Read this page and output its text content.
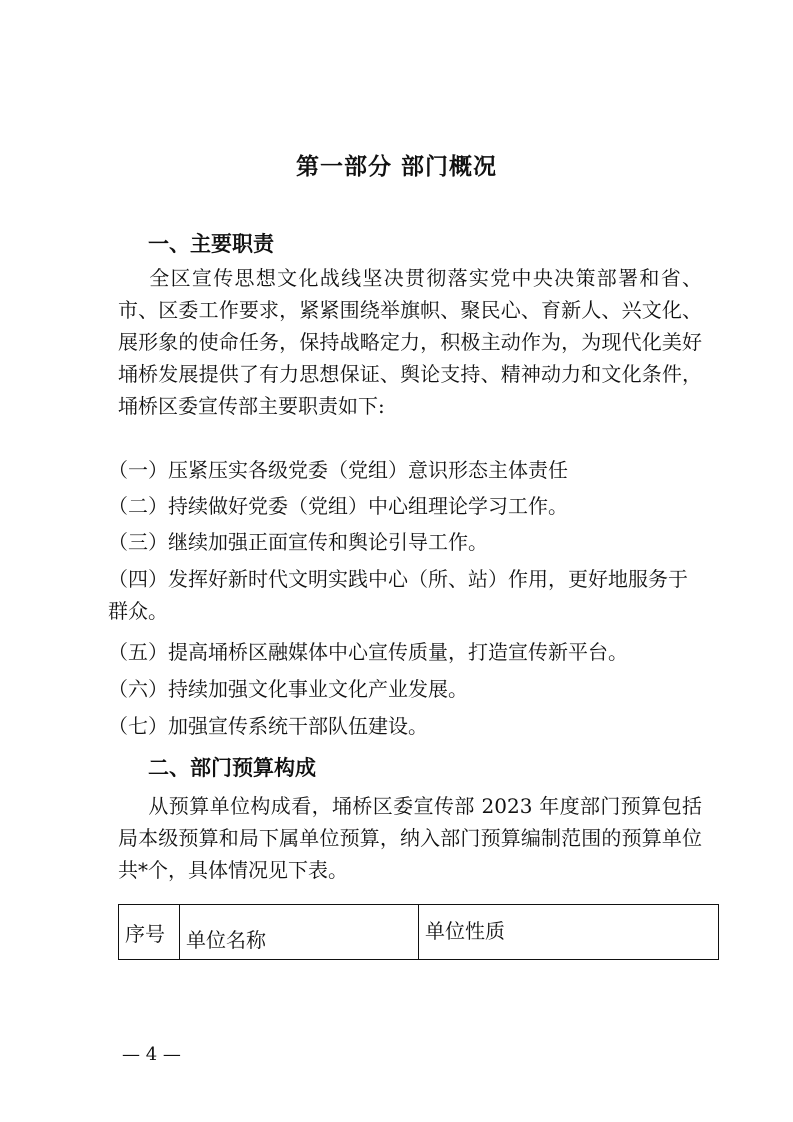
第一部分 部门概况
一、主要职责
全区宣传思想文化战线坚决贯彻落实党中央决策部署和省、市、区委工作要求，紧紧围绕举旗帜、聚民心、育新人、兴文化、展形象的使命任务，保持战略定力，积极主动作为，为现代化美好埇桥发展提供了有力思想保证、舆论支持、精神动力和文化条件，埇桥区委宣传部主要职责如下:
（一）压紧压实各级党委（党组）意识形态主体责任
（二）持续做好党委（党组）中心组理论学习工作。
（三）继续加强正面宣传和舆论引导工作。
（四）发挥好新时代文明实践中心（所、站）作用，更好地服务于群众。
（五）提高埇桥区融媒体中心宣传质量，打造宣传新平台。
（六）持续加强文化事业文化产业发展。
（七）加强宣传系统干部队伍建设。
二、部门预算构成
从预算单位构成看，埇桥区委宣传部 2023 年度部门预算包括局本级预算和局下属单位预算，纳入部门预算编制范围的预算单位共*个，具体情况见下表。
序号	单位名称	单位性质
— 4 —
